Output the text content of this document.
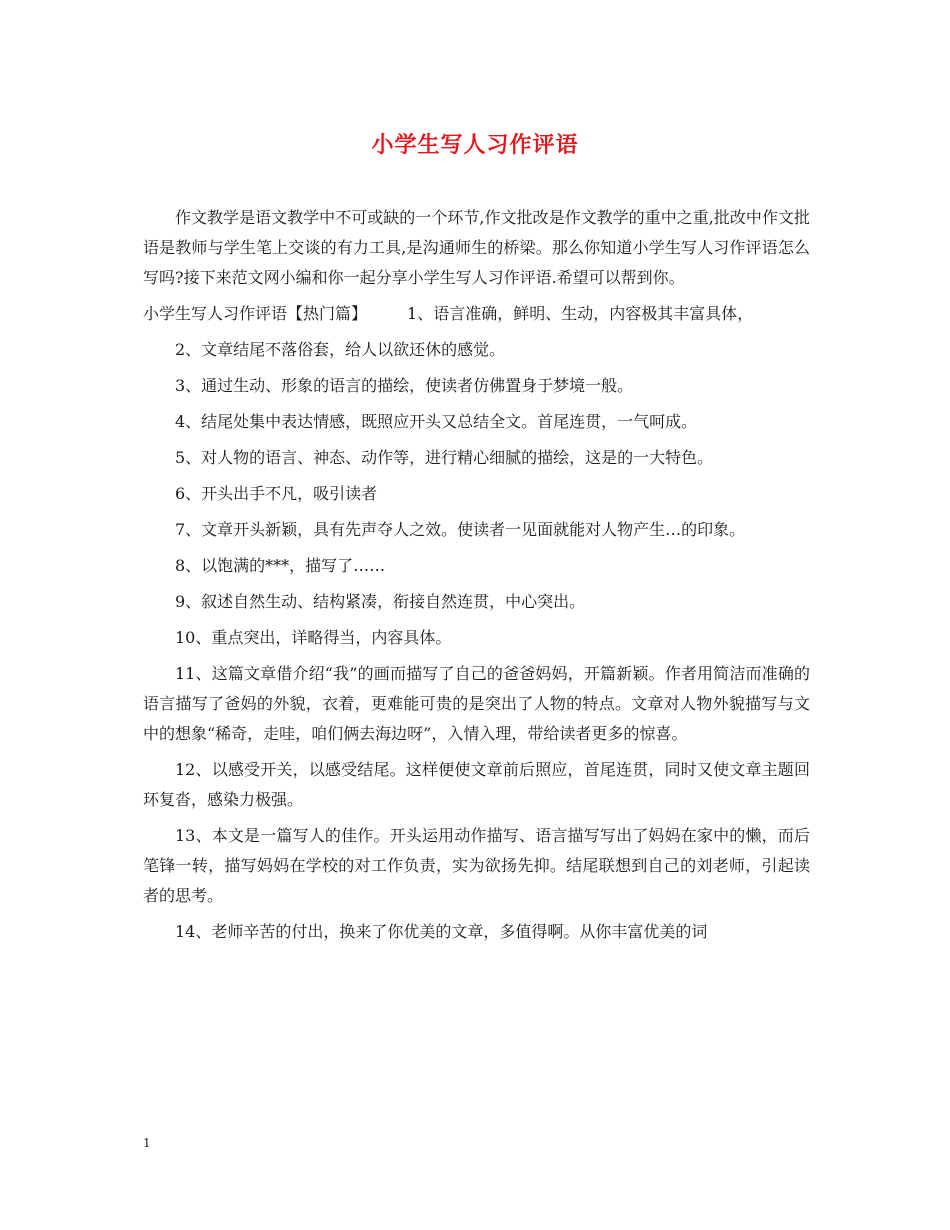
小学生写人习作评语

作文教学是语文教学中不可或缺的一个环节,作文批改是作文教学的重中之重,批改中作文批语是教师与学生笔上交谈的有力工具,是沟通师生的桥梁。那么你知道小学生写人习作评语怎么写吗?接下来范文网小编和你一起分享小学生写人习作评语.希望可以帮到你。

小学生写人习作评语【热门篇】	1、语言准确，鲜明、生动，内容极其丰富具体，

2、文章结尾不落俗套，给人以欲还休的感觉。

3、通过生动、形象的语言的描绘，使读者仿佛置身于梦境一般。

4、结尾处集中表达情感，既照应开头又总结全文。首尾连贯，一气呵成。

5、对人物的语言、神态、动作等，进行精心细腻的描绘，这是的一大特色。

6、开头出手不凡，吸引读者

7、文章开头新颖，具有先声夺人之效。使读者一见面就能对人物产生…的印象。

8、以饱满的***，描写了……

9、叙述自然生动、结构紧凑，衔接自然连贯，中心突出。

10、重点突出，详略得当，内容具体。

11、这篇文章借介绍“我”的画而描写了自己的爸爸妈妈，开篇新颖。作者用简洁而准确的语言描写了爸妈的外貌，衣着，更难能可贵的是突出了人物的特点。文章对人物外貌描写与文中的想象“稀奇，走哇，咱们俩去海边呀”，入情入理，带给读者更多的惊喜。

12、以感受开关，以感受结尾。这样便使文章前后照应，首尾连贯，同时又使文章主题回环复沓，感染力极强。

13、本文是一篇写人的佳作。开头运用动作描写、语言描写写出了妈妈在家中的懒，而后笔锋一转，描写妈妈在学校的对工作负责，实为欲扬先抑。结尾联想到自己的刘老师，引起读者的思考。

14、老师辛苦的付出，换来了你优美的文章，多值得啊。从你丰富优美的词

1
